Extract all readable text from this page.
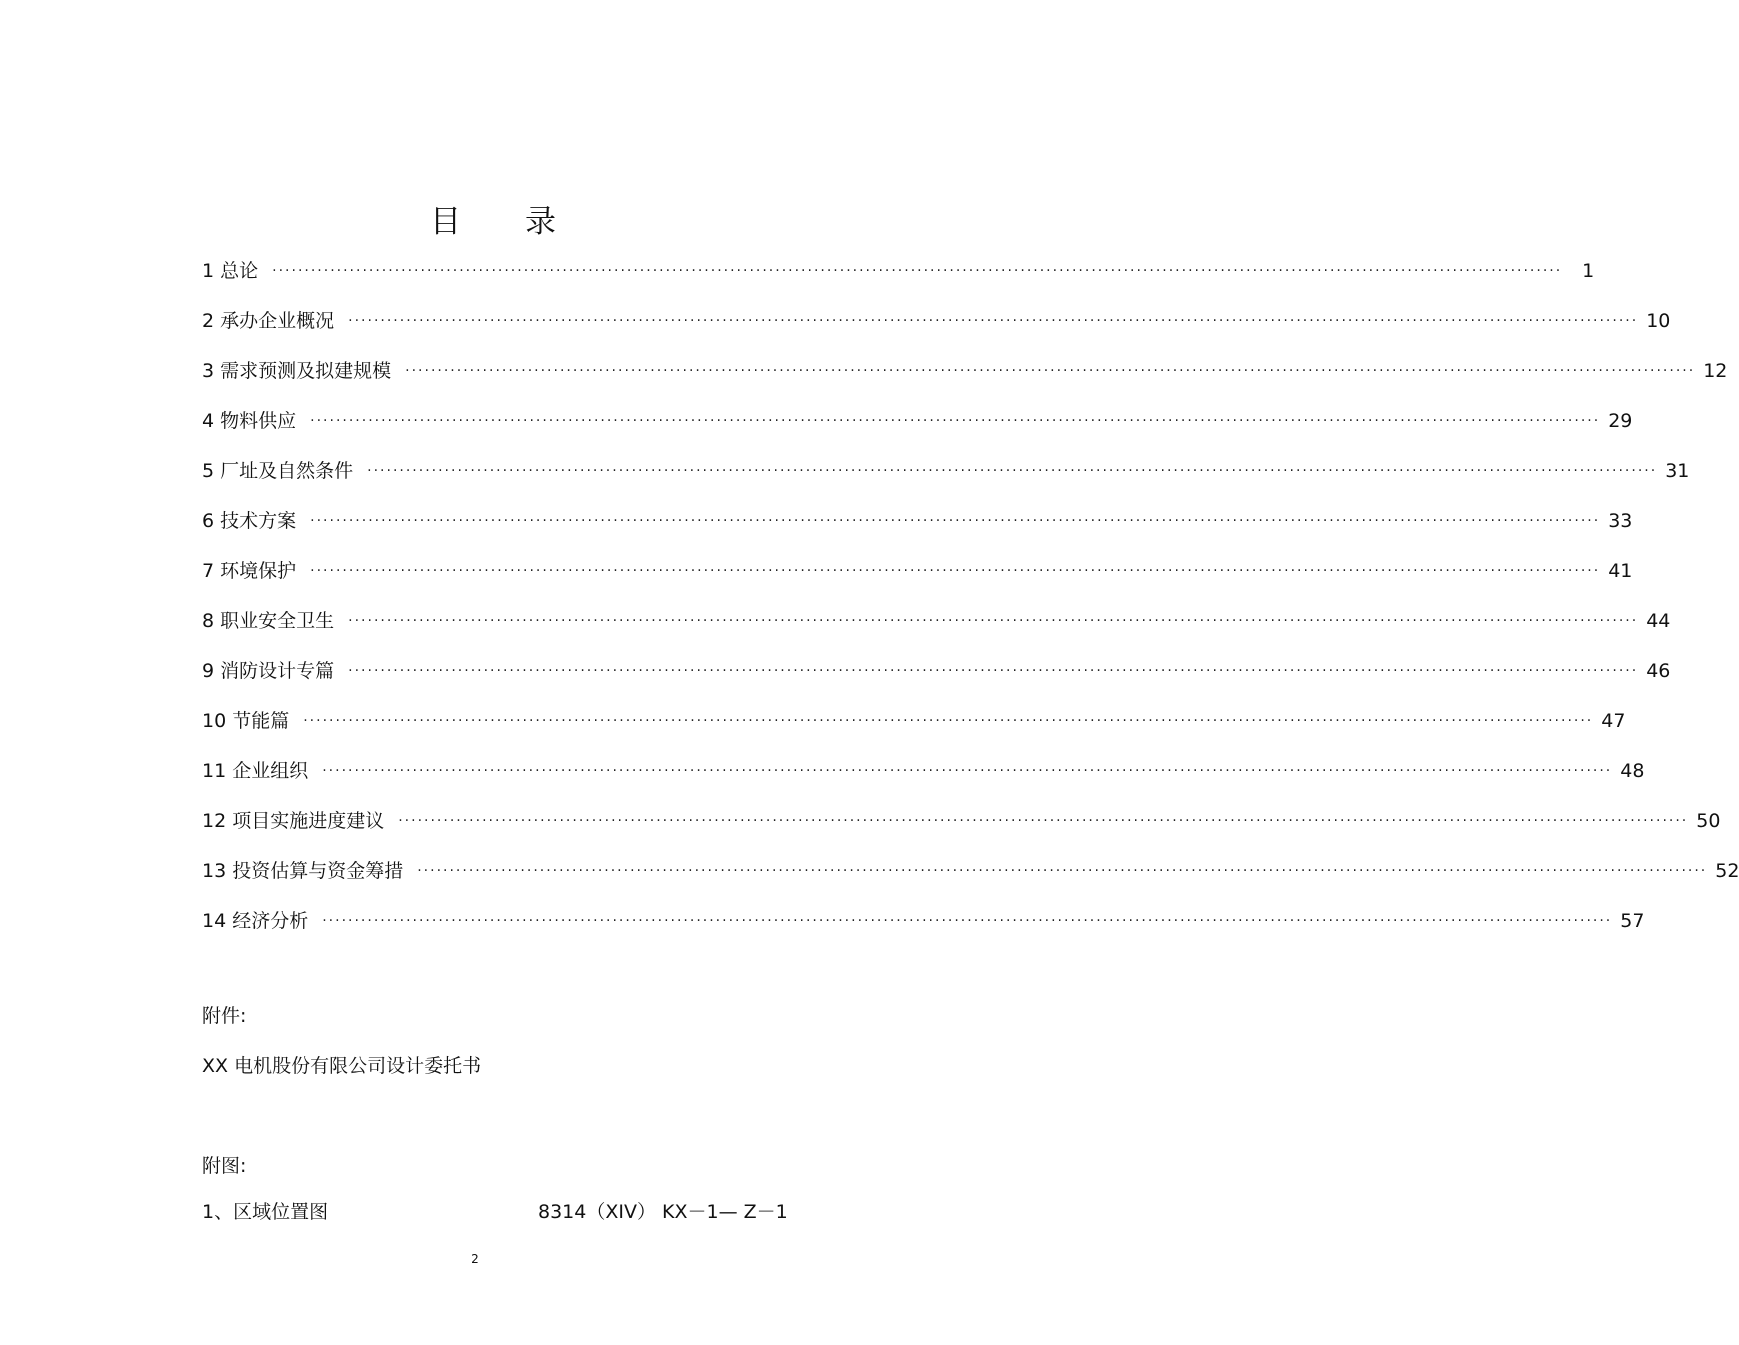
目录
1 总论	········································································································································································································	1
2 承办企业概况	········································································································································································································ 10
3 需求预测及拟建规模	········································································································································································································ 12
4 物料供应	········································································································································································································ 29
5 厂址及自然条件	········································································································································································································ 31
6 技术方案	········································································································································································································ 33
7 环境保护	········································································································································································································ 41
8 职业安全卫生	········································································································································································································ 44
9 消防设计专篇	········································································································································································································ 46
10 节能篇	········································································································································································································ 47
11 企业组织	········································································································································································································ 48
12 项目实施进度建议	········································································································································································································ 50
13 投资估算与资金筹措	········································································································································································································ 52
14 经济分析	········································································································································································································ 57
附件:
XX 电机股份有限公司设计委托书
附图:
1、区域位置图	8314（XIV） KX－1— Z－1
2
